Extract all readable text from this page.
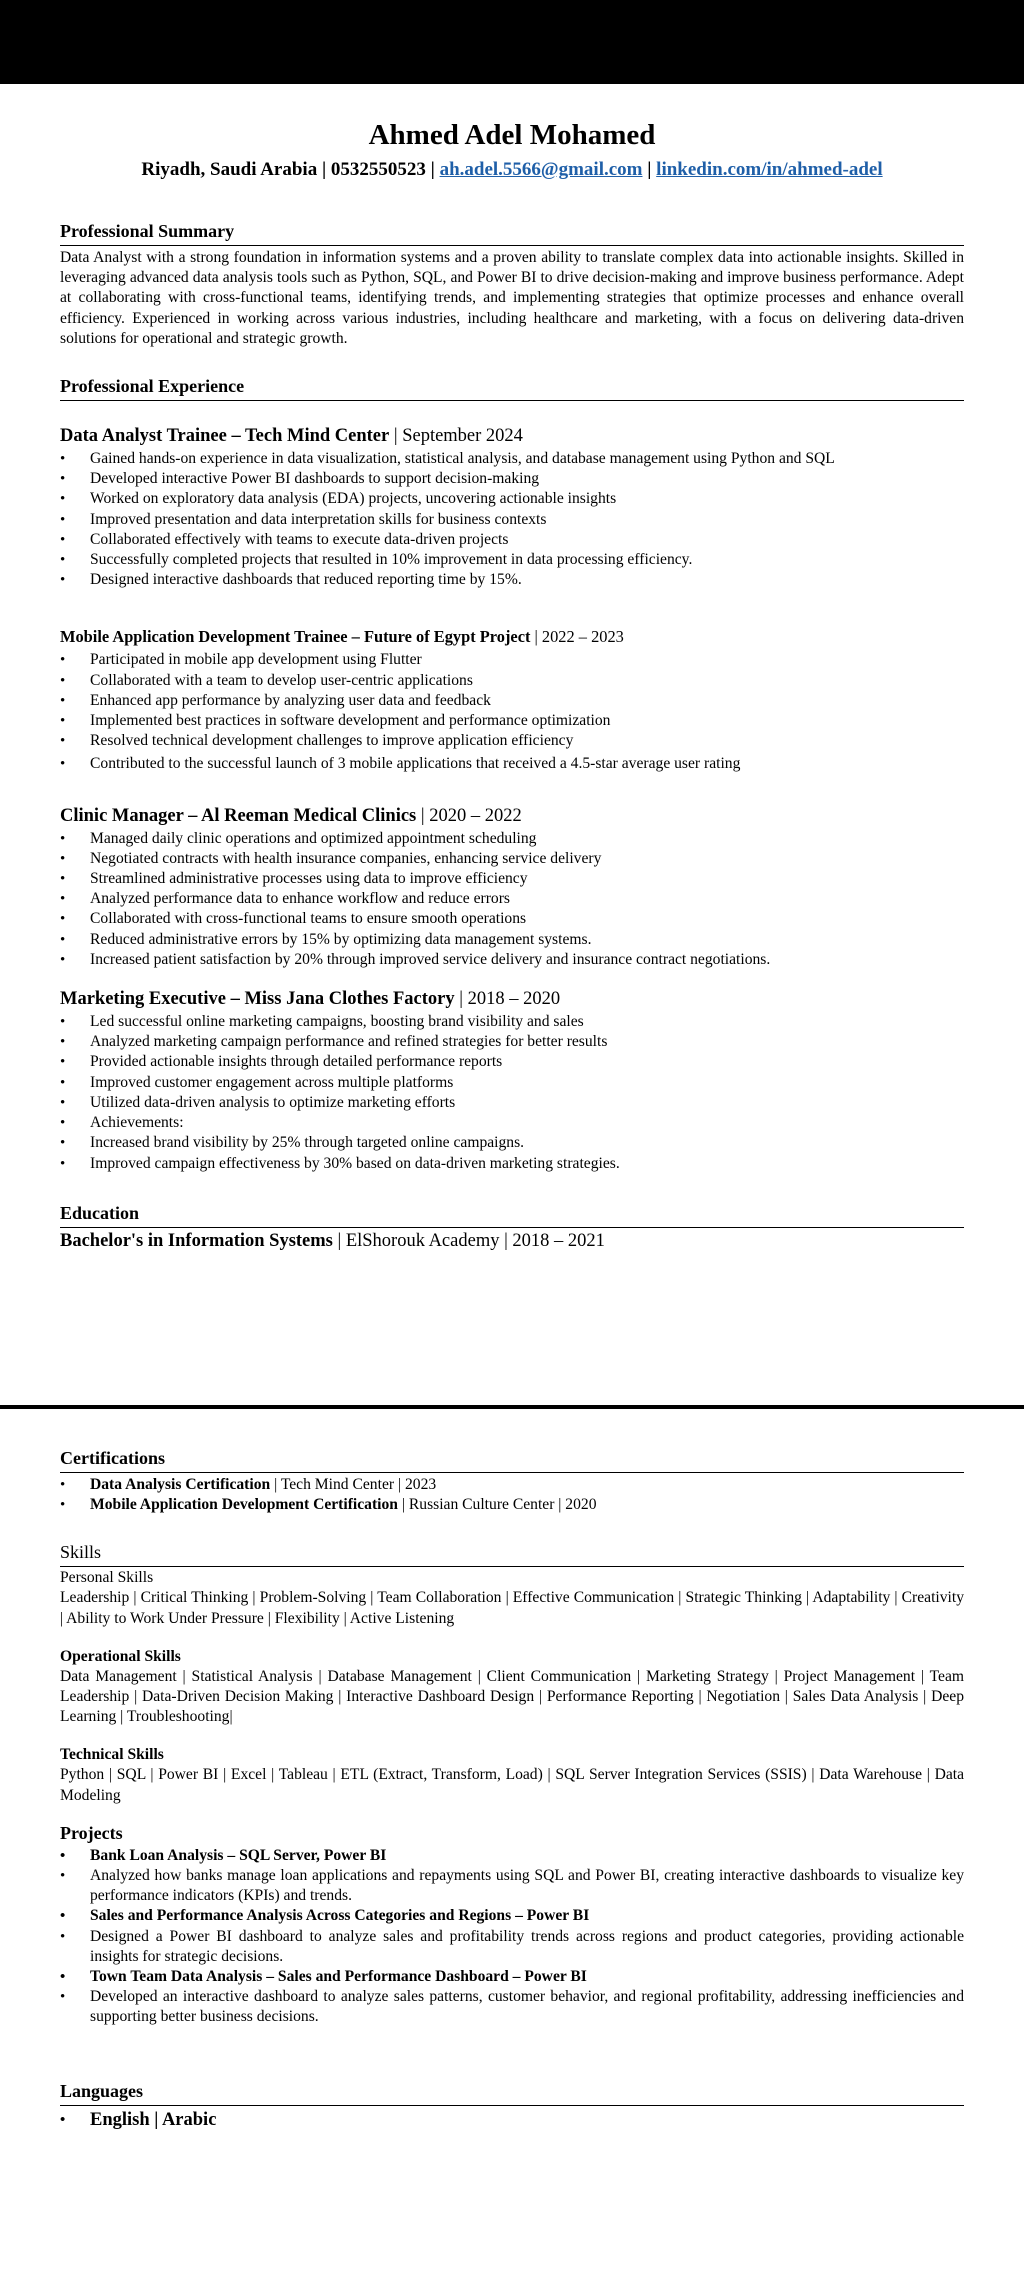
Ahmed Adel Mohamed
Riyadh, Saudi Arabia | 0532550523 | ah.adel.5566@gmail.com | linkedin.com/in/ahmed-adel
Professional Summary
Data Analyst with a strong foundation in information systems and a proven ability to translate complex data into actionable insights. Skilled in leveraging advanced data analysis tools such as Python, SQL, and Power BI to drive decision-making and improve business performance. Adept at collaborating with cross-functional teams, identifying trends, and implementing strategies that optimize processes and enhance overall efficiency. Experienced in working across various industries, including healthcare and marketing, with a focus on delivering data-driven solutions for operational and strategic growth.
Professional Experience
Data Analyst Trainee – Tech Mind Center | September 2024
• Gained hands-on experience in data visualization, statistical analysis, and database management using Python and SQL
• Developed interactive Power BI dashboards to support decision-making
• Worked on exploratory data analysis (EDA) projects, uncovering actionable insights
• Improved presentation and data interpretation skills for business contexts
• Collaborated effectively with teams to execute data-driven projects
• Successfully completed projects that resulted in 10% improvement in data processing efficiency.
• Designed interactive dashboards that reduced reporting time by 15%.
Mobile Application Development Trainee – Future of Egypt Project | 2022 – 2023
• Participated in mobile app development using Flutter
• Collaborated with a team to develop user-centric applications
• Enhanced app performance by analyzing user data and feedback
• Implemented best practices in software development and performance optimization
• Resolved technical development challenges to improve application efficiency
• Contributed to the successful launch of 3 mobile applications that received a 4.5-star average user rating
Clinic Manager – Al Reeman Medical Clinics | 2020 – 2022
• Managed daily clinic operations and optimized appointment scheduling
• Negotiated contracts with health insurance companies, enhancing service delivery
• Streamlined administrative processes using data to improve efficiency
• Analyzed performance data to enhance workflow and reduce errors
• Collaborated with cross-functional teams to ensure smooth operations
• Reduced administrative errors by 15% by optimizing data management systems.
• Increased patient satisfaction by 20% through improved service delivery and insurance contract negotiations.
Marketing Executive – Miss Jana Clothes Factory | 2018 – 2020
• Led successful online marketing campaigns, boosting brand visibility and sales
• Analyzed marketing campaign performance and refined strategies for better results
• Provided actionable insights through detailed performance reports
• Improved customer engagement across multiple platforms
• Utilized data-driven analysis to optimize marketing efforts
• Achievements:
• Increased brand visibility by 25% through targeted online campaigns.
• Improved campaign effectiveness by 30% based on data-driven marketing strategies.
Education
Bachelor's in Information Systems | ElShorouk Academy | 2018 – 2021
Certifications
• Data Analysis Certification | Tech Mind Center | 2023
• Mobile Application Development Certification | Russian Culture Center | 2020
Skills
Personal Skills
Leadership | Critical Thinking | Problem-Solving | Team Collaboration | Effective Communication | Strategic Thinking | Adaptability | Creativity | Ability to Work Under Pressure | Flexibility | Active Listening
Operational Skills
Data Management | Statistical Analysis | Database Management | Client Communication | Marketing Strategy | Project Management | Team Leadership | Data-Driven Decision Making | Interactive Dashboard Design | Performance Reporting | Negotiation | Sales Data Analysis | Deep Learning | Troubleshooting|
Technical Skills
Python | SQL | Power BI | Excel | Tableau | ETL (Extract, Transform, Load) | SQL Server Integration Services (SSIS) | Data Warehouse | Data Modeling
Projects
• Bank Loan Analysis – SQL Server, Power BI
• Analyzed how banks manage loan applications and repayments using SQL and Power BI, creating interactive dashboards to visualize key performance indicators (KPIs) and trends.
• Sales and Performance Analysis Across Categories and Regions – Power BI
• Designed a Power BI dashboard to analyze sales and profitability trends across regions and product categories, providing actionable insights for strategic decisions.
• Town Team Data Analysis – Sales and Performance Dashboard – Power BI
• Developed an interactive dashboard to analyze sales patterns, customer behavior, and regional profitability, addressing inefficiencies and supporting better business decisions.
Languages
• English | Arabic
